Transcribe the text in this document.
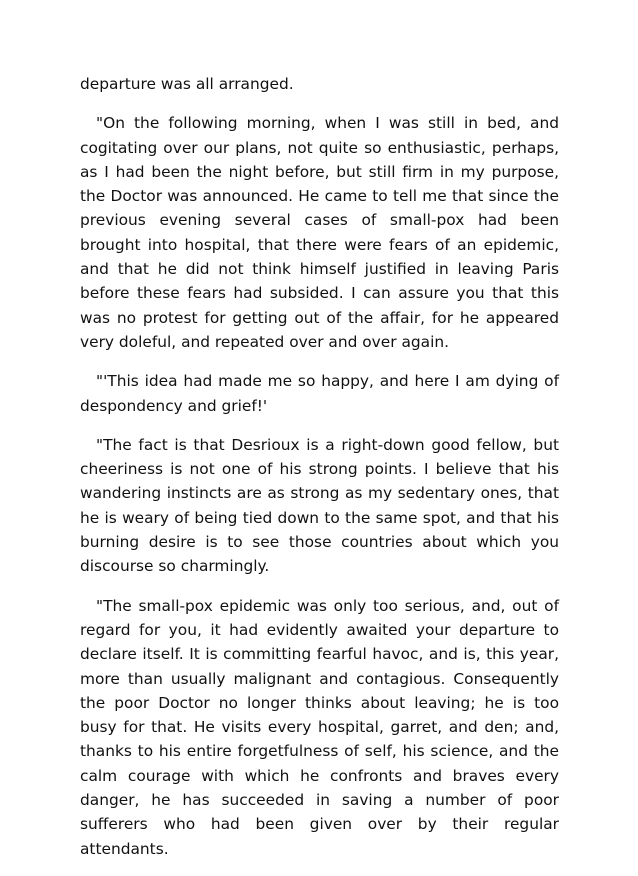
departure was all arranged.

"On the following morning, when I was still in bed, and cogitating over our plans, not quite so enthusiastic, perhaps, as I had been the night before, but still firm in my purpose, the Doctor was announced. He came to tell me that since the previous evening several cases of small-pox had been brought into hospital, that there were fears of an epidemic, and that he did not think himself justified in leaving Paris before these fears had subsided. I can assure you that this was no protest for getting out of the affair, for he appeared very doleful, and repeated over and over again.

"'This idea had made me so happy, and here I am dying of despondency and grief!'

"The fact is that Desrioux is a right-down good fellow, but cheeriness is not one of his strong points. I believe that his wandering instincts are as strong as my sedentary ones, that he is weary of being tied down to the same spot, and that his burning desire is to see those countries about which you discourse so charmingly.

"The small-pox epidemic was only too serious, and, out of regard for you, it had evidently awaited your departure to declare itself. It is committing fearful havoc, and is, this year, more than usually malignant and contagious. Consequently the poor Doctor no longer thinks about leaving; he is too busy for that. He visits every hospital, garret, and den; and, thanks to his entire forgetfulness of self, his science, and the calm courage with which he confronts and braves every danger, he has succeeded in saving a number of poor sufferers who had been given over by their regular attendants.
